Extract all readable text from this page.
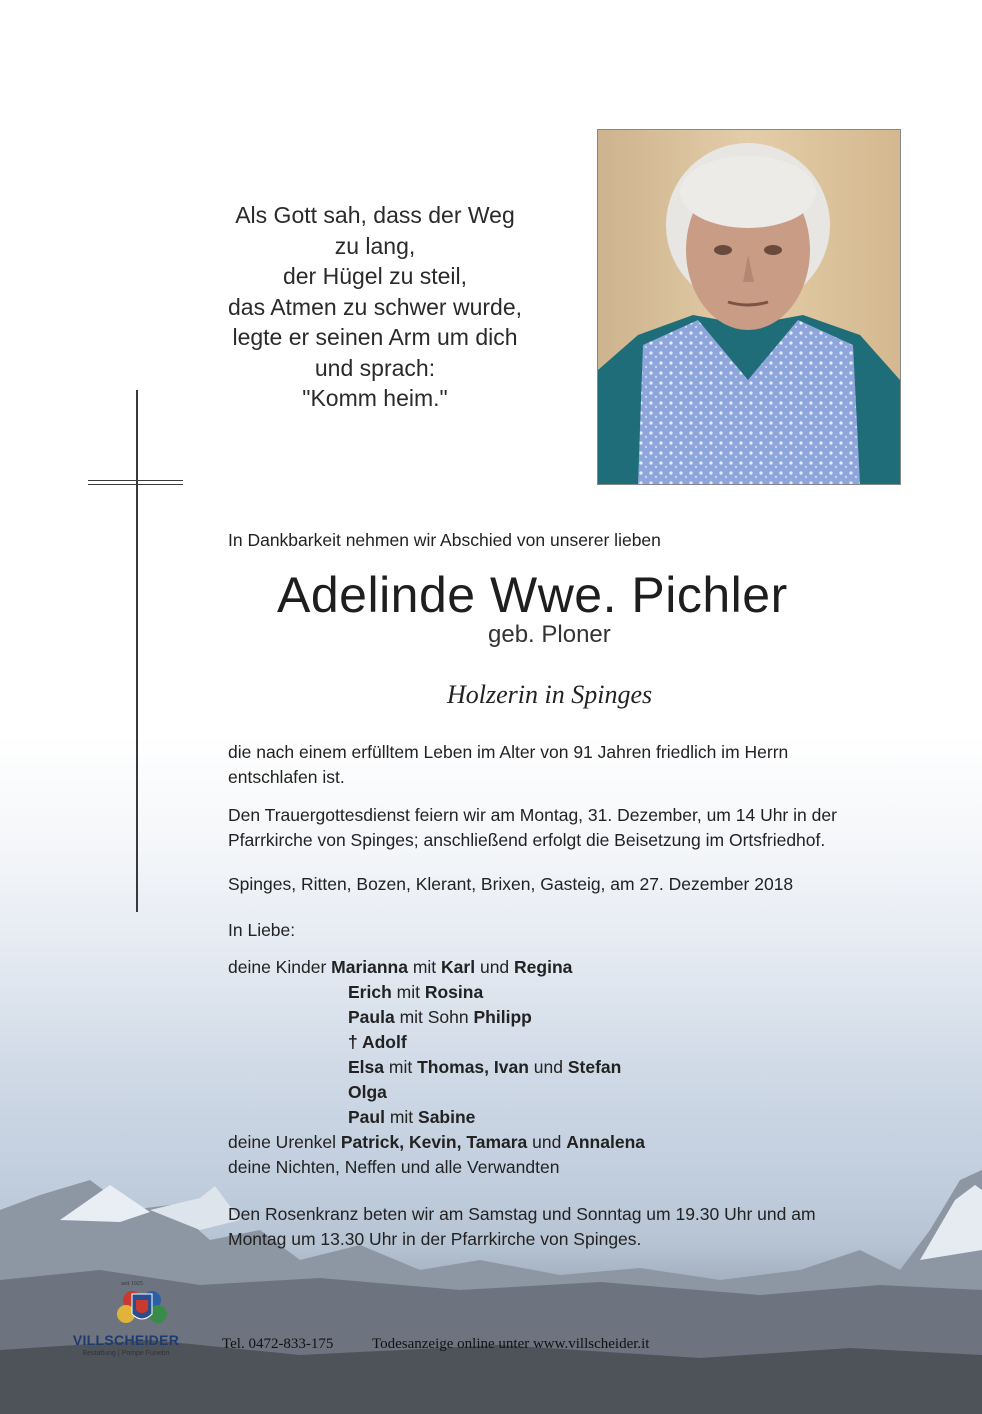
Als Gott sah, dass der Weg
zu lang,
der Hügel zu steil,
das Atmen zu schwer wurde,
legte er seinen Arm um dich
und sprach:
"Komm heim."
In Dankbarkeit nehmen wir Abschied von unserer lieben
Adelinde Wwe. Pichler
geb. Ploner
Holzerin in Spinges
die nach einem erfülltem Leben im Alter von 91 Jahren friedlich im Herrn
entschlafen ist.
Den Trauergottesdienst feiern wir am Montag, 31. Dezember, um 14 Uhr in der
Pfarrkirche von Spinges; anschließend erfolgt die Beisetzung im Ortsfriedhof.
Spinges, Ritten, Bozen, Klerant, Brixen, Gasteig, am 27. Dezember 2018
In Liebe:
deine Kinder Marianna mit Karl und Regina
Erich mit Rosina
Paula mit Sohn Philipp
† Adolf
Elsa mit Thomas, Ivan und Stefan
Olga
Paul mit Sabine
deine Urenkel Patrick, Kevin, Tamara und Annalena
deine Nichten, Neffen und alle Verwandten
Den Rosenkranz beten wir am Samstag und Sonntag um 19.30 Uhr und am
Montag um 13.30 Uhr in der Pfarrkirche von Spinges.
seit 1925
VILLSCHEIDER
Bestattung | Pompe Funebri
Tel. 0472-833-175	Todesanzeige online unter www.villscheider.it
